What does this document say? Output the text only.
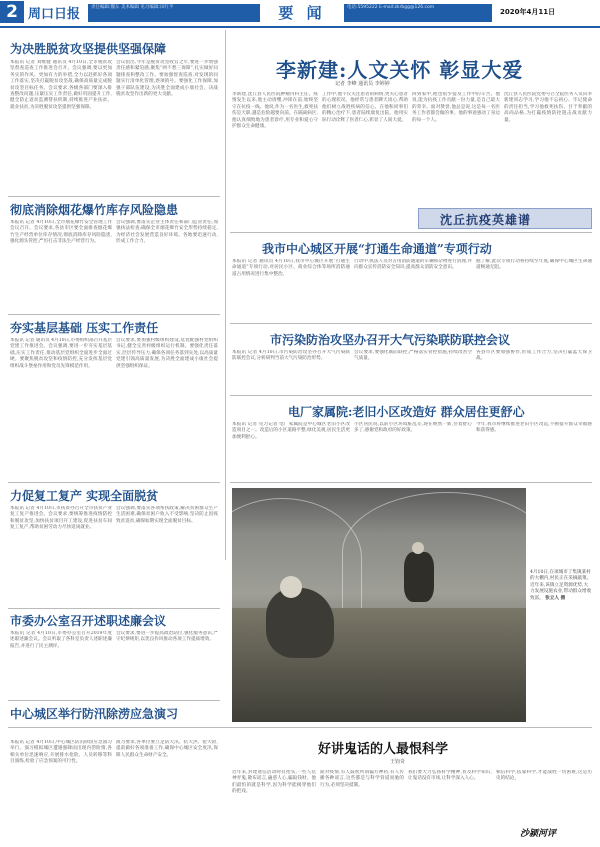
2 周口日报	责任编辑:魏东 美术编辑 见习编辑:田红平	要 闻	电话:5595222 E-mail:zkrbgg@126.com
2020年4月11日
为决胜脱贫攻坚提供坚强保障
本报讯 记者 刘维健 通讯员 4月10日,全市脱贫攻坚督查巡查工作推进会召开。会议强调,要以更加务实的作风、更加有力的举措,全力以赴抓好各项工作落实,坚决打赢脱贫攻坚战,确保高质量完成脱贫攻坚目标任务。会议要求,各级各部门要深入排查整改问题,压紧压实工作责任,做好巩固提升工作,健全防止返贫监测帮扶机制,持续推进产业扶贫、就业扶贫,为决胜脱贫攻坚提供坚强保障。
会议指出,今年是脱贫攻坚收官之年,要进一步增强责任感和紧迫感,聚焦“两不愁三保障”,扎实做好问题排查和整改工作。要加强督查巡查,对发现的问题实行清单化管理,逐项销号。要强化工作保障,加强干部队伍建设,为决胜全面建成小康社会、决战脱贫攻坚作出新的更大贡献。
彻底消除烟花爆竹库存风险隐患
本报讯 记者 4月10日,全市烟花爆竹安全管理工作会议召开。会议要求,各县市区要全面排查烟花爆竹生产经营单位库存情况,彻底消除库存风险隐患,强化源头管控,严厉打击非法生产经营行为。
会议强调,要落实企业主体责任和部门监管责任,加强执法检查,确保全市烟花爆竹安全形势持续稳定,为经济社会发展营造良好环境。各地要迅速行动,形成工作合力。
夯实基层基础 压实工作责任
本报讯 记者 通讯员 4月10日,市委组织部召开基层党建工作推进会。会议强调,要进一步夯实基层基础,压实工作责任,推动基层党组织全面进步全面过硬。要聚焦脱贫攻坚和疫情防控,充分发挥基层党组织战斗堡垒作用和党员先锋模范作用。
会议要求,要加强村级组织建设,选优配强村党组织书记,健全完善村级组织运行机制。要强化责任落实,层层传导压力,确保各项任务落到实处,以高质量党建引领高质量发展,为决胜全面建成小康社会提供坚强组织保证。
力促复工复产 实现全面脱贫
本报讯 记者 4月10日,市扶贫办召开全市扶贫产业复工复产推进会。会议要求,要统筹推进疫情防控和脱贫攻坚,加快扶贫项目开工建设,促进扶贫车间复工复产,帮助贫困劳动力尽快返岗就业。
会议强调,要落实各项帮扶政策,解决贫困群众生产生活困难,确保贫困户收入不受影响,坚决防止因疫致贫返贫,确保如期实现全面脱贫目标。
市委办公室召开述职述廉会议
本报讯 记者 4月10日,市委办公室召开2019年度述职述廉会议。会议听取了各科室负责人述职述廉报告,并进行了民主测评。
会议要求,要进一步提高政治站位,强化服务意识,严守纪律规矩,以优良作风推动各项工作提质增效。
中心城区举行防汛除涝应急演习
李新建:人文关怀 彰显大爱
记者 李峰 通讯员 李婷婷
李新建,沈丘县人民医院肿瘤内科主任。疫情发生以来,他主动请缨,冲锋在前,始终坚守在抗疫一线。他说,作为一名医生,救死扶伤是天职,越是危险越要向前。在隔离病区,他认真细致地为患者诊疗,用专业和爱心守护群众生命健康。
工作中,他不仅关注患者的病情,更关心患者的心理状况。他经常与患者聊天谈心,帮助他们树立战胜疾病的信心。在他和同事们的精心治疗下,患者陆续康复出院。他用实际行动诠释了医者仁心,彰显了人间大爱。
回到家中,他也很少提及工作中的辛苦。他说,能为抗疫工作贡献一份力量,是自己最大的荣幸。面对赞誉,他总是说,这是每一名医务工作者都会做的事。他的事迹感动了身边的每一个人。
沈丘县人民医院党委号召全院医务人员向李新建同志学习,学习他不忘初心、牢记使命的责任担当,学习他救死扶伤、甘于奉献的高尚品格,为打赢疫情防控阻击战贡献力量。
沈丘抗疫英雄谱
我市中心城区开展“打通生命通道”专项行动
本报讯 记者 通讯员 4月10日,我市中心城区开展“打通生命通道”专项行动,对居民小区、商业综合体等场所消防通道占用情况进行集中整治。
行动中,执法人员对占用消防通道的车辆和杂物进行清理,并向群众宣传消防安全知识,提高群众消防安全意识。
据了解,此次专项行动将持续至年底,确保中心城区生命通道畅通无阻。
市污染防治攻坚办召开大气污染联防联控会议
本报讯 记者 4月10日,市污染防治攻坚办召开大气污染联防联控会议,分析研判当前大气污染防治形势。
会议要求,要强化联防联控,严格落实管控措施,持续改善空气质量。
各县市区要加强协作,形成工作合力,坚决打赢蓝天保卫战。
电厂家属院:老旧小区改造好 群众居住更舒心
本报讯 记者 见习记者 电厂家属院是中心城区老旧小区改造项目之一。改造后的小区道路平整,绿化美观,居民生活更加便利舒心。
小区居民说,以前小区环境脏乱差,现在焕然一新,住着舒心多了,感谢党和政府的好政策。
今年,我市将继续推进老旧小区改造,不断提升群众幸福感和获得感。
4月10日,在项城市丁集镇某村的大棚内,村民正在采摘蔬菜。近年来,该镇立足资源优势,大力发展设施农业,带动群众增收致富。 张立人 摄
好讲鬼话的人最恨科学
王钧奇
本报讯 记者 4月10日,中心城区防汛除涝应急演习举行。演习模拟城区遭遇强降雨出现内涝险情,各相关单位迅速响应,开展排水抢险、人员转移等科目演练,检验了应急预案的可行性。
演习要求,各单位要立足防大汛、抗大洪、抢大险,提前做好各项准备工作,确保中心城区安全度汛,保障人民群众生命财产安全。
近年来,封建迷信活动时有抬头,一些人装神弄鬼,散布谣言,蛊惑人心,骗取钱财。他们最怕的就是科学,因为科学能揭穿他们的把戏。
面对疫情,有人鼓吹所谓偏方神药,有人传播各种谣言,这些都是与科学背道而驰的行为,必须坚决抵制。
我们要大力弘扬科学精神,普及科学知识,让鬼话没有市场,让科学深入人心。
相信科学,依靠科学,才能战胜一切困难,这是历史的结论。
沙颍河评
